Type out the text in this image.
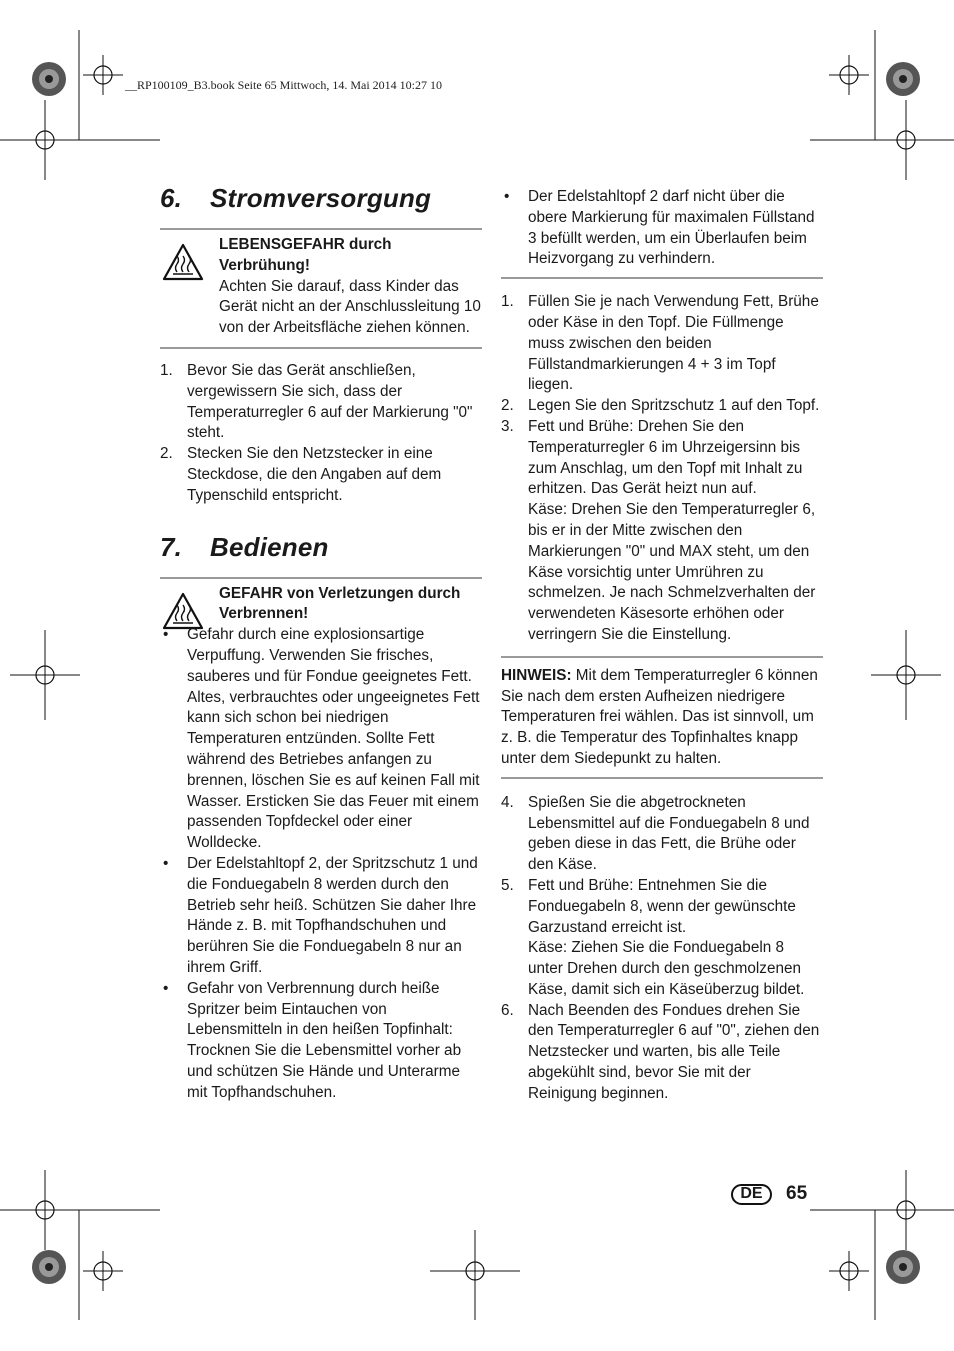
__RP100109_B3.book Seite 65 Mittwoch, 14. Mai 2014 10:27 10
6. Stromversorgung
LEBENSGEFAHR durch Verbrühung!

Achten Sie darauf, dass Kinder das Gerät nicht an der Anschlussleitung 10 von der Arbeitsfläche ziehen können.

1. Bevor Sie das Gerät anschließen, vergewissern Sie sich, dass der Temperaturregler 6 auf der Markierung "0" steht.
2. Stecken Sie den Netzstecker in eine Steckdose, die den Angaben auf dem Typenschild entspricht.
7. Bedienen
GEFAHR von Verletzungen durch Verbrennen!
• Gefahr durch eine explosionsartige Verpuffung. Verwenden Sie frisches, sauberes und für Fondue geeignetes Fett. Altes, verbrauchtes oder ungeeignetes Fett kann sich schon bei niedrigen Temperaturen entzünden. Sollte Fett während des Betriebes anfangen zu brennen, löschen Sie es auf keinen Fall mit Wasser. Ersticken Sie das Feuer mit einem passenden Topfdeckel oder einer Wolldecke.
• Der Edelstahltopf 2, der Spritzschutz 1 und die Fonduegabeln 8 werden durch den Betrieb sehr heiß. Schützen Sie daher Ihre Hände z. B. mit Topfhandschuhen und berühren Sie die Fonduegabeln 8 nur an ihrem Griff.
• Gefahr von Verbrennung durch heiße Spritzer beim Eintauchen von Lebensmitteln in den heißen Topfinhalt: Trocknen Sie die Lebensmittel vorher ab und schützen Sie Hände und Unterarme mit Topfhandschuhen.
• Der Edelstahltopf 2 darf nicht über die obere Markierung für maximalen Füllstand 3 befüllt werden, um ein Überlaufen beim Heizvorgang zu verhindern.
1. Füllen Sie je nach Verwendung Fett, Brühe oder Käse in den Topf. Die Füllmenge muss zwischen den beiden Füllstandmarkierungen 4 + 3 im Topf liegen.
2. Legen Sie den Spritzschutz 1 auf den Topf.
3. Fett und Brühe: Drehen Sie den Temperaturregler 6 im Uhrzeigersinn bis zum Anschlag, um den Topf mit Inhalt zu erhitzen. Das Gerät heizt nun auf.
Käse: Drehen Sie den Temperaturregler 6, bis er in der Mitte zwischen den Markierungen "0" und MAX steht, um den Käse vorsichtig unter Umrühren zu schmelzen. Je nach Schmelzverhalten der verwendeten Käsesorte erhöhen oder verringern Sie die Einstellung.
HINWEIS: Mit dem Temperaturregler 6 können Sie nach dem ersten Aufheizen niedrigere Temperaturen frei wählen. Das ist sinnvoll, um z. B. die Temperatur des Topfinhaltes knapp unter dem Siedepunkt zu halten.
4. Spießen Sie die abgetrockneten Lebensmittel auf die Fonduegabeln 8 und geben diese in das Fett, die Brühe oder den Käse.
5. Fett und Brühe: Entnehmen Sie die Fonduegabeln 8, wenn der gewünschte Garzustand erreicht ist.
Käse: Ziehen Sie die Fonduegabeln 8 unter Drehen durch den geschmolzenen Käse, damit sich ein Käseüberzug bildet.
6. Nach Beenden des Fondues drehen Sie den Temperaturregler 6 auf "0", ziehen den Netzstecker und warten, bis alle Teile abgekühlt sind, bevor Sie mit der Reinigung beginnen.
DE	65
